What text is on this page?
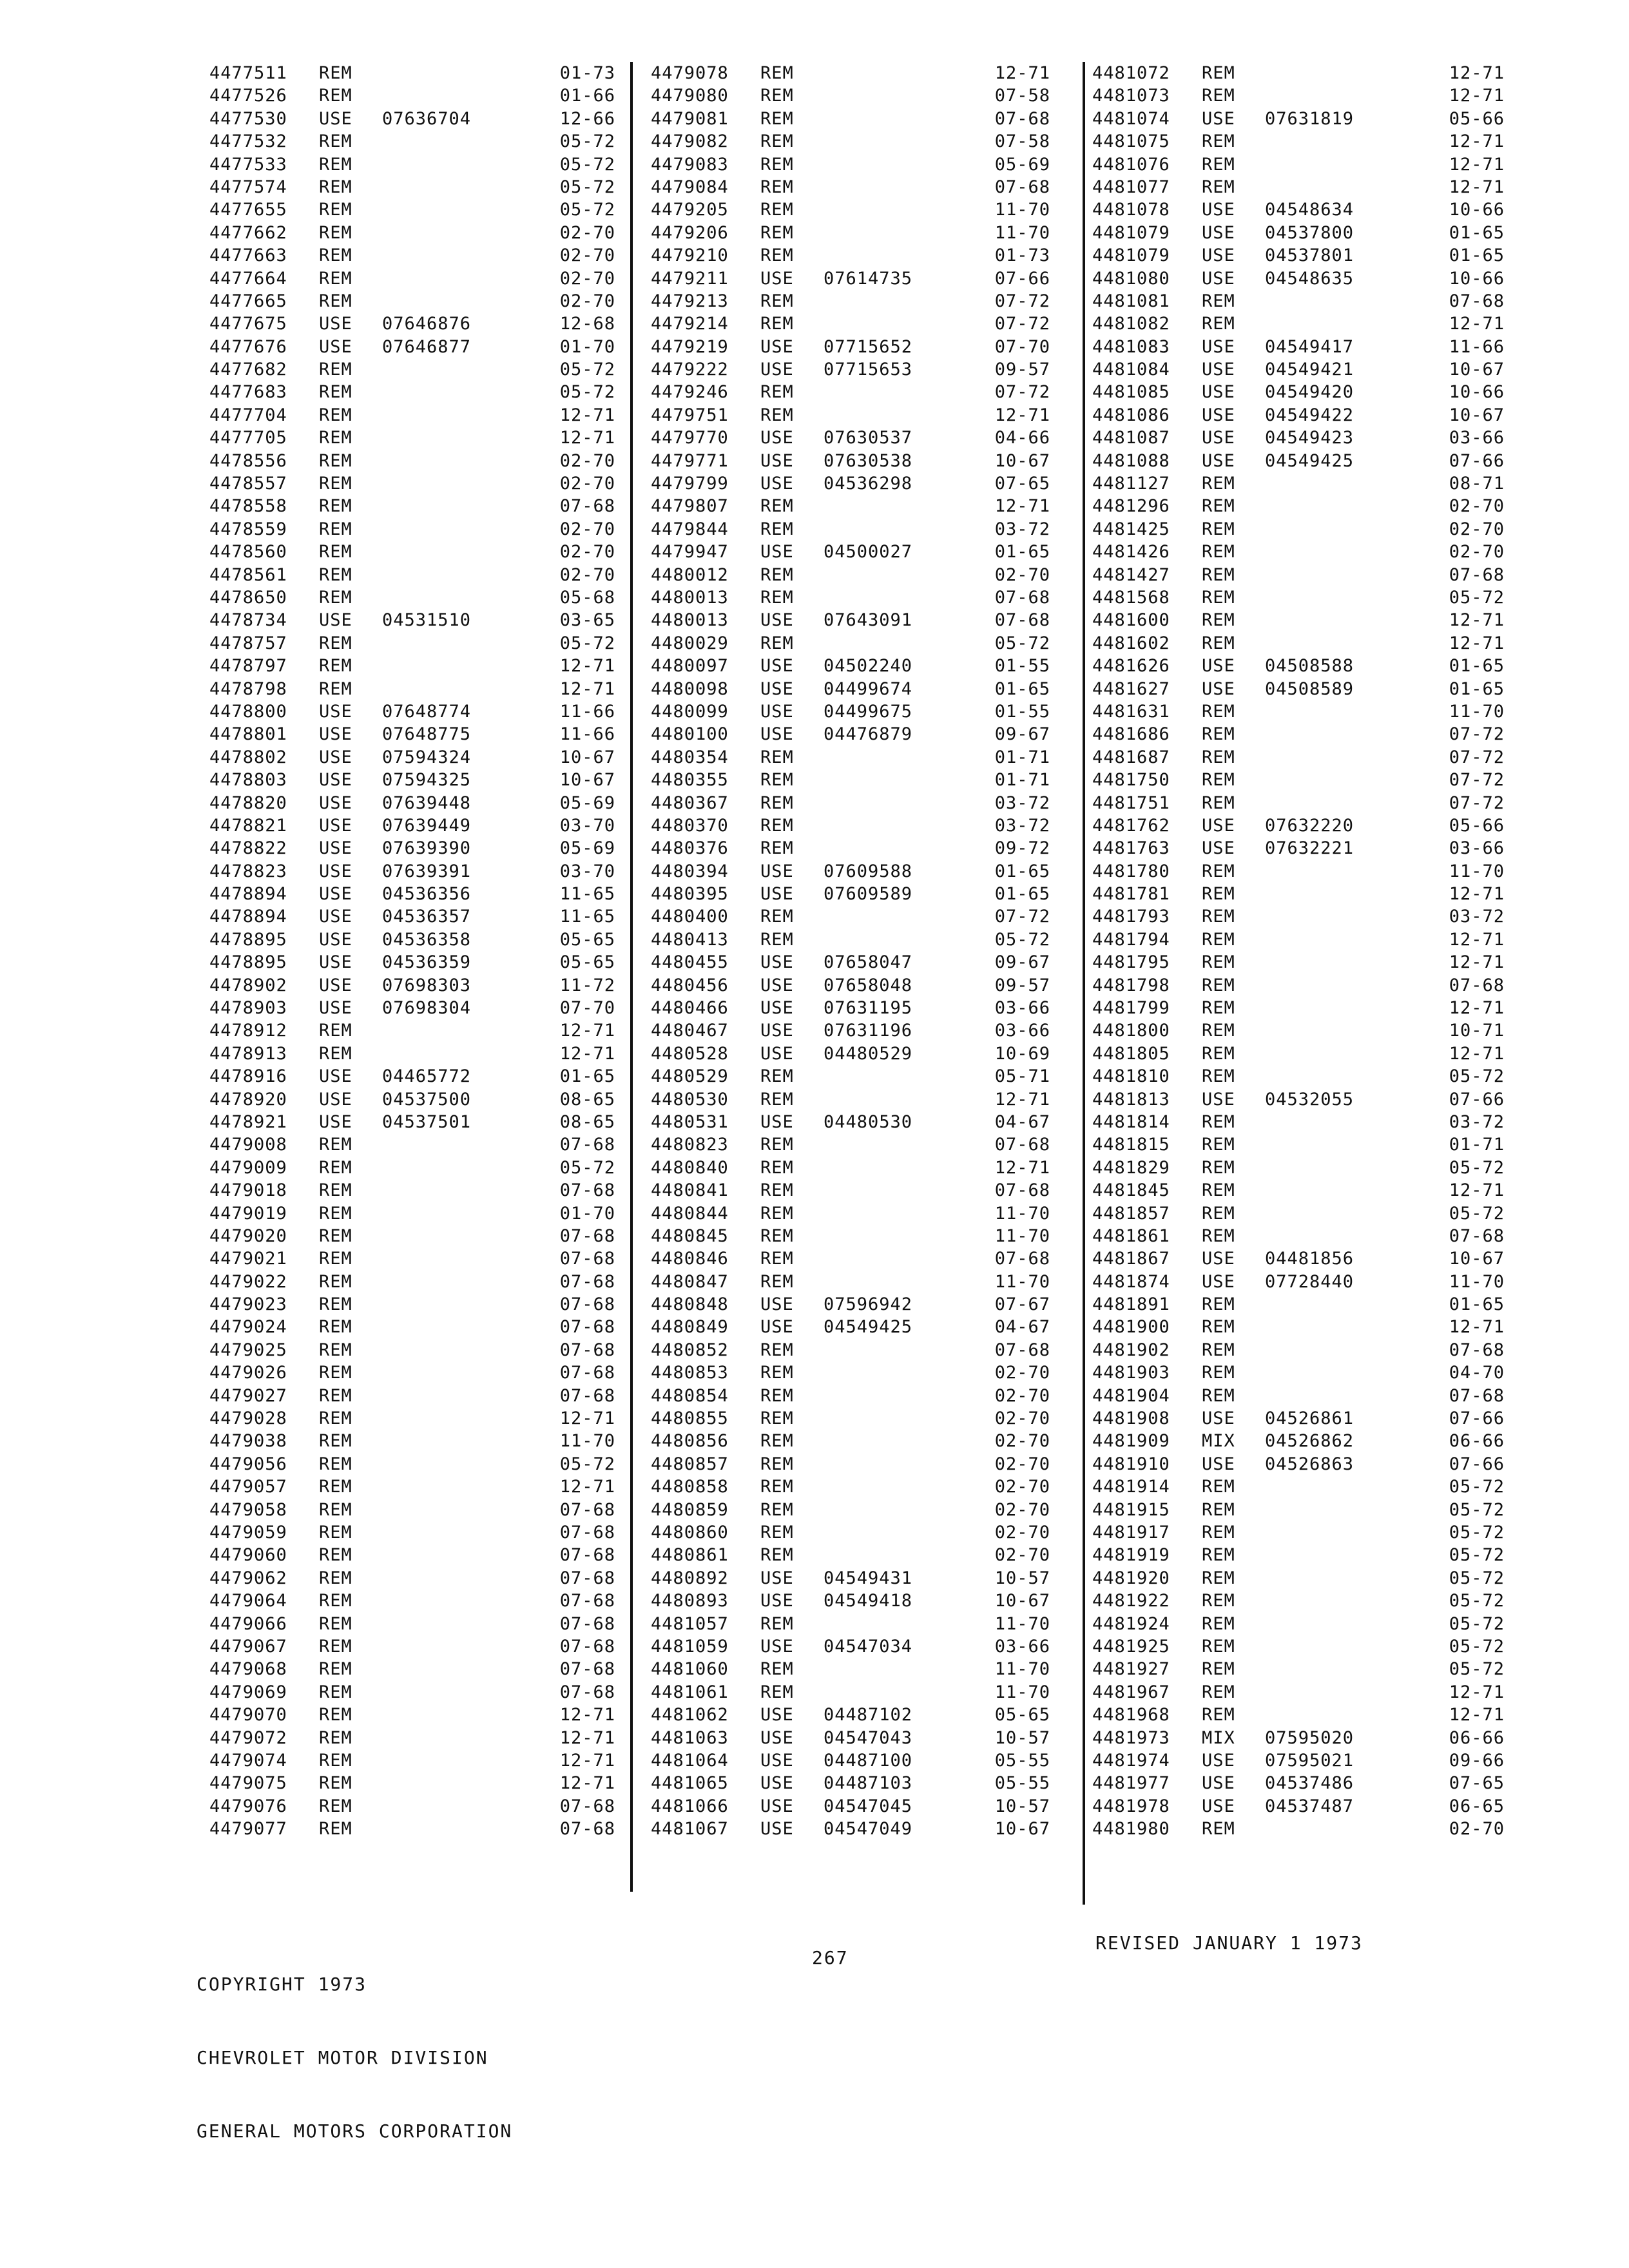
4477511 REM	01-73
4477526 REM	01-66
4477530 USE 07636704	12-66
4477532 REM	05-72
4477533 REM	05-72
4477574 REM	05-72
4477655 REM	05-72
4477662 REM	02-70
4477663 REM	02-70
4477664 REM	02-70
4477665 REM	02-70
4477675 USE 07646876	12-68
4477676 USE 07646877	01-70
4477682 REM	05-72
4477683 REM	05-72
4477704 REM	12-71
4477705 REM	12-71
4478556 REM	02-70
4478557 REM	02-70
4478558 REM	07-68
4478559 REM	02-70
4478560 REM	02-70
4478561 REM	02-70
4478650 REM	05-68
4478734 USE 04531510	03-65
4478757 REM	05-72
4478797 REM	12-71
4478798 REM	12-71
4478800 USE 07648774	11-66
4478801 USE 07648775	11-66
4478802 USE 07594324	10-67
4478803 USE 07594325	10-67
4478820 USE 07639448	05-69
4478821 USE 07639449	03-70
4478822 USE 07639390	05-69
4478823 USE 07639391	03-70
4478894 USE 04536356	11-65
4478894 USE 04536357	11-65
4478895 USE 04536358	05-65
4478895 USE 04536359	05-65
4478902 USE 07698303	11-72
4478903 USE 07698304	07-70
4478912 REM	12-71
4478913 REM	12-71
4478916 USE 04465772	01-65
4478920 USE 04537500	08-65
4478921 USE 04537501	08-65
4479008 REM	07-68
4479009 REM	05-72
4479018 REM	07-68
4479019 REM	01-70
4479020 REM	07-68
4479021 REM	07-68
4479022 REM	07-68
4479023 REM	07-68
4479024 REM	07-68
4479025 REM	07-68
4479026 REM	07-68
4479027 REM	07-68
4479028 REM	12-71
4479038 REM	11-70
4479056 REM	05-72
4479057 REM	12-71
4479058 REM	07-68
4479059 REM	07-68
4479060 REM	07-68
4479062 REM	07-68
4479064 REM	07-68
4479066 REM	07-68
4479067 REM	07-68
4479068 REM	07-68
4479069 REM	07-68
4479070 REM	12-71
4479072 REM	12-71
4479074 REM	12-71
4479075 REM	12-71
4479076 REM	07-68
4479077 REM	07-68
4479078 REM	12-71
4479080 REM	07-58
4479081 REM	07-68
4479082 REM	07-58
4479083 REM	05-69
4479084 REM	07-68
4479205 REM	11-70
4479206 REM	11-70
4479210 REM	01-73
4479211 USE 07614735	07-66
4479213 REM	07-72
4479214 REM	07-72
4479219 USE 07715652	07-70
4479222 USE 07715653	09-57
4479246 REM	07-72
4479751 REM	12-71
4479770 USE 07630537	04-66
4479771 USE 07630538	10-67
4479799 USE 04536298	07-65
4479807 REM	12-71
4479844 REM	03-72
4479947 USE 04500027	01-65
4480012 REM	02-70
4480013 REM	07-68
4480013 USE 07643091	07-68
4480029 REM	05-72
4480097 USE 04502240	01-55
4480098 USE 04499674	01-65
4480099 USE 04499675	01-55
4480100 USE 04476879	09-67
4480354 REM	01-71
4480355 REM	01-71
4480367 REM	03-72
4480370 REM	03-72
4480376 REM	09-72
4480394 USE 07609588	01-65
4480395 USE 07609589	01-65
4480400 REM	07-72
4480413 REM	05-72
4480455 USE 07658047	09-67
4480456 USE 07658048	09-57
4480466 USE 07631195	03-66
4480467 USE 07631196	03-66
4480528 USE 04480529	10-69
4480529 REM	05-71
4480530 REM	12-71
4480531 USE 04480530	04-67
4480823 REM	07-68
4480840 REM	12-71
4480841 REM	07-68
4480844 REM	11-70
4480845 REM	11-70
4480846 REM	07-68
4480847 REM	11-70
4480848 USE 07596942	07-67
4480849 USE 04549425	04-67
4480852 REM	07-68
4480853 REM	02-70
4480854 REM	02-70
4480855 REM	02-70
4480856 REM	02-70
4480857 REM	02-70
4480858 REM	02-70
4480859 REM	02-70
4480860 REM	02-70
4480861 REM	02-70
4480892 USE 04549431	10-57
4480893 USE 04549418	10-67
4481057 REM	11-70
4481059 USE 04547034	03-66
4481060 REM	11-70
4481061 REM	11-70
4481062 USE 04487102	05-65
4481063 USE 04547043	10-57
4481064 USE 04487100	05-55
4481065 USE 04487103	05-55
4481066 USE 04547045	10-57
4481067 USE 04547049	10-67
4481072 REM	12-71
4481073 REM	12-71
4481074 USE 07631819	05-66
4481075 REM	12-71
4481076 REM	12-71
4481077 REM	12-71
4481078 USE 04548634	10-66
4481079 USE 04537800	01-65
4481079 USE 04537801	01-65
4481080 USE 04548635	10-66
4481081 REM	07-68
4481082 REM	12-71
4481083 USE 04549417	11-66
4481084 USE 04549421	10-67
4481085 USE 04549420	10-66
4481086 USE 04549422	10-67
4481087 USE 04549423	03-66
4481088 USE 04549425	07-66
4481127 REM	08-71
4481296 REM	02-70
4481425 REM	02-70
4481426 REM	02-70
4481427 REM	07-68
4481568 REM	05-72
4481600 REM	12-71
4481602 REM	12-71
4481626 USE 04508588	01-65
4481627 USE 04508589	01-65
4481631 REM	11-70
4481686 REM	07-72
4481687 REM	07-72
4481750 REM	07-72
4481751 REM	07-72
4481762 USE 07632220	05-66
4481763 USE 07632221	03-66
4481780 REM	11-70
4481781 REM	12-71
4481793 REM	03-72
4481794 REM	12-71
4481795 REM	12-71
4481798 REM	07-68
4481799 REM	12-71
4481800 REM	10-71
4481805 REM	12-71
4481810 REM	05-72
4481813 USE 04532055	07-66
4481814 REM	03-72
4481815 REM	01-71
4481829 REM	05-72
4481845 REM	12-71
4481857 REM	05-72
4481861 REM	07-68
4481867 USE 04481856	10-67
4481874 USE 07728440	11-70
4481891 REM	01-65
4481900 REM	12-71
4481902 REM	07-68
4481903 REM	04-70
4481904 REM	07-68
4481908 USE 04526861	07-66
4481909 MIX 04526862	06-66
4481910 USE 04526863	07-66
4481914 REM	05-72
4481915 REM	05-72
4481917 REM	05-72
4481919 REM	05-72
4481920 REM	05-72
4481922 REM	05-72
4481924 REM	05-72
4481925 REM	05-72
4481927 REM	05-72
4481967 REM	12-71
4481968 REM	12-71
4481973 MIX 07595020	06-66
4481974 USE 07595021	09-66
4481977 USE 04537486	07-65
4481978 USE 04537487	06-65
4481980 REM	02-70

COPYRIGHT 1973

CHEVROLET MOTOR DIVISION

GENERAL MOTORS CORPORATION

267
REVISED JANUARY 1 1973
